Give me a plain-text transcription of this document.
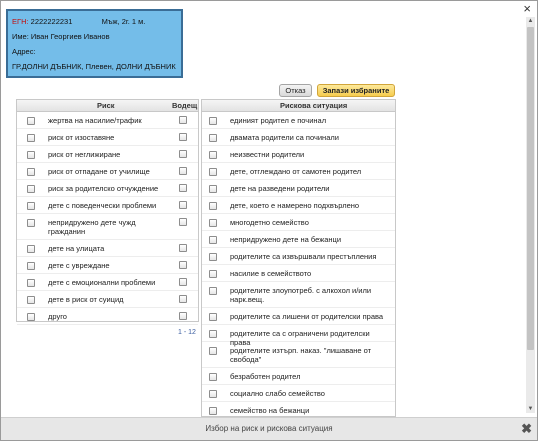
×
▲
▼
ЕГН: 2222222231	Мъж, 2г. 1 м.
Име: Иван Георгиев Иванов
Адрес:
ГР.ДОЛНИ ДЪБНИК, Плевен, ДОЛНИ ДЪБНИК
Отказ	Запази избраните
Риск	Водещ
жертва на насилие/трафик
риск от изоставяне
риск от неглижиране
риск от отпадане от училище
риск за родителско отчуждение
дете с поведенчески проблеми
непридружено дете чужд гражданин
дете на улицата
дете с увреждане
дете с емоционални проблеми
дете в риск от суицид
друго
1 - 12
Рискова ситуация
единият родител е починал
двамата родители са починали
неизвестни родители
дете, отглеждано от самотен родител
дете на разведени родители
дете, което е намерено подхвърлено
многодетно семейство
непридружено дете на бежанци
родителите са извършвали престъпления
насилие в семейството
родителите злоупотреб. с алкохол и/или нарк.вещ.
родителите са лишени от родителски права
родителите са с ограничени родителски права
родителите изтърп. наказ. "лишаване от свобода"
безработен родител
социално слабо семейство
семейство на бежанци
Избор на риск и рискова ситуация	✖
